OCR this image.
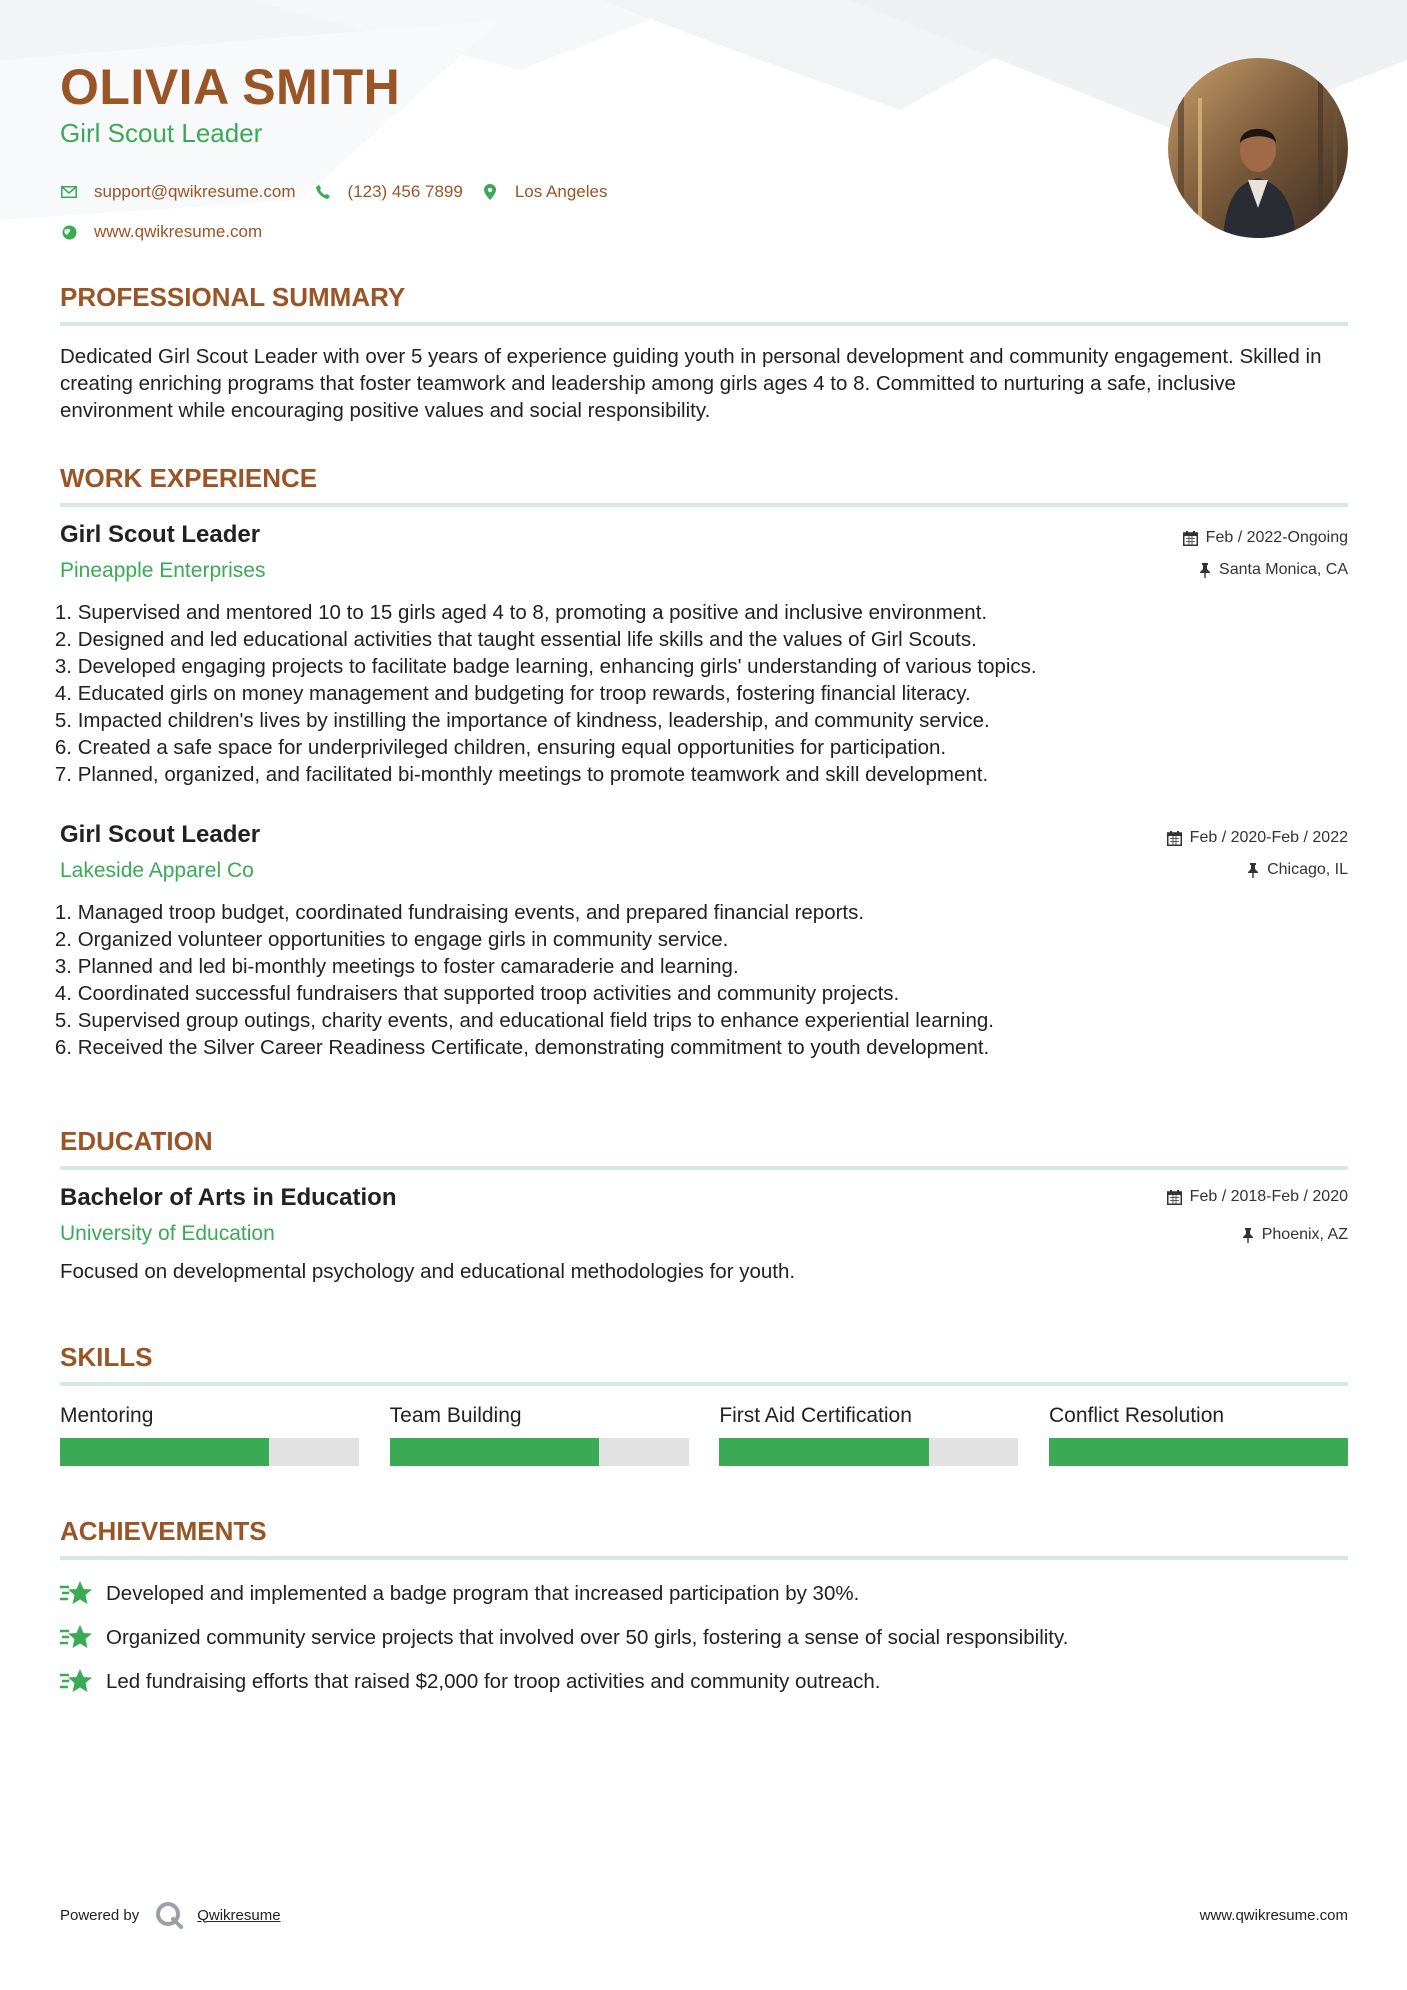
OLIVIA SMITH
Girl Scout Leader
support@qwikresume.com	(123) 456 7899	Los Angeles
www.qwikresume.com
PROFESSIONAL SUMMARY

Dedicated Girl Scout Leader with over 5 years of experience guiding youth in personal development and community engagement. Skilled in creating enriching programs that foster teamwork and leadership among girls ages 4 to 8. Committed to nurturing a safe, inclusive environment while encouraging positive values and social responsibility.

WORK EXPERIENCE
Girl Scout Leader
Pineapple Enterprises
Feb / 2022-Ongoing
Santa Monica, CA
1. Supervised and mentored 10 to 15 girls aged 4 to 8, promoting a positive and inclusive environment.
2. Designed and led educational activities that taught essential life skills and the values of Girl Scouts.
3. Developed engaging projects to facilitate badge learning, enhancing girls' understanding of various topics.
4. Educated girls on money management and budgeting for troop rewards, fostering financial literacy.
5. Impacted children's lives by instilling the importance of kindness, leadership, and community service.
6. Created a safe space for underprivileged children, ensuring equal opportunities for participation.
7. Planned, organized, and facilitated bi-monthly meetings to promote teamwork and skill development.
Girl Scout Leader
Lakeside Apparel Co
Feb / 2020-Feb / 2022
Chicago, IL
1. Managed troop budget, coordinated fundraising events, and prepared financial reports.
2. Organized volunteer opportunities to engage girls in community service.
3. Planned and led bi-monthly meetings to foster camaraderie and learning.
4. Coordinated successful fundraisers that supported troop activities and community projects.
5. Supervised group outings, charity events, and educational field trips to enhance experiential learning.
6. Received the Silver Career Readiness Certificate, demonstrating commitment to youth development.
EDUCATION
Bachelor of Arts in Education
University of Education
Feb / 2018-Feb / 2020
Phoenix, AZ

Focused on developmental psychology and educational methodologies for youth.

SKILLS
Mentoring	Team Building	First Aid Certification	Conflict Resolution
ACHIEVEMENTS
Developed and implemented a badge program that increased participation by 30%.
Organized community service projects that involved over 50 girls, fostering a sense of social responsibility.
Led fundraising efforts that raised $2,000 for troop activities and community outreach.
Powered by	Qwikresume	www.qwikresume.com
